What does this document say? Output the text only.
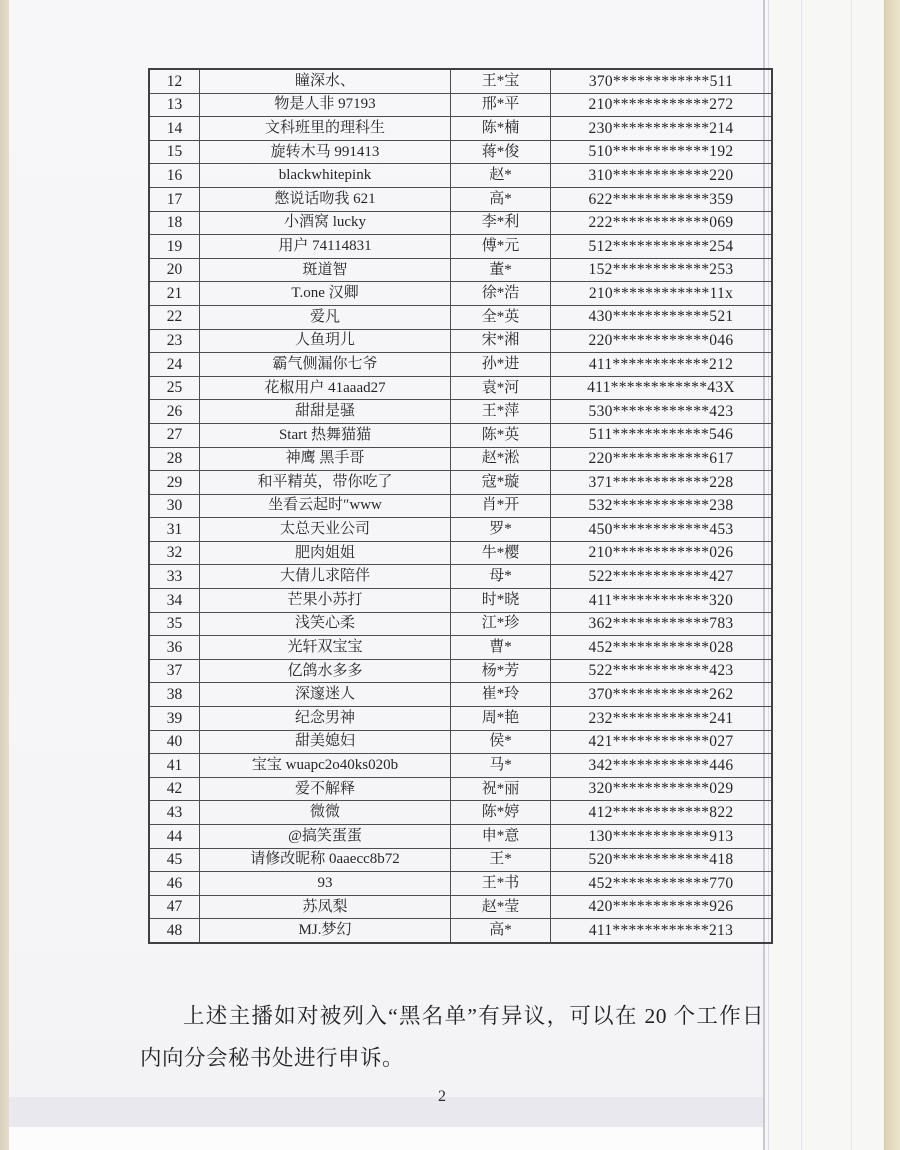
12	瞳深水、	王*宝	370************511
13	物是人非 97193	邢*平	210************272
14	文科班里的理科生	陈*楠	230************214
15	旋转木马 991413	蒋*俊	510************192
16	blackwhitepink	赵*	310************220
17	憋说话吻我 621	高*	622************359
18	小酒窝 lucky	李*利	222************069
19	用户 74114831	傅*元	512************254
20	斑道智	董*	152************253
21	T.one 汉卿	徐*浩	210************11x
22	爱凡	全*英	430************521
23	人鱼玥儿	宋*湘	220************046
24	霸气侧漏你七爷	孙*进	411************212
25	花椒用户 41aaad27	袁*河	411************43X
26	甜甜是骚	王*萍	530************423
27	Start 热舞猫猫	陈*英	511************546
28	神鹰 黑手哥	赵*淞	220************617
29	和平精英，带你吃了	寇*璇	371************228
30	坐看云起时″www	肖*开	532************238
31	太总天业公司	罗*	450************453
32	肥肉姐姐	牛*樱	210************026
33	大倩儿求陪伴	母*	522************427
34	芒果小苏打	时*晓	411************320
35	浅笑心柔	江*珍	362************783
36	光轩双宝宝	曹*	452************028
37	亿鸽水多多	杨*芳	522************423
38	深邃迷人	崔*玲	370************262
39	纪念男神	周*艳	232************241
40	甜美媳妇	侯*	421************027
41	宝宝 wuapc2o40ks020b	马*	342************446
42	爱不解释	祝*丽	320************029
43	微微	陈*婷	412************822
44	@搞笑蛋蛋	申*意	130************913
45	请修改昵称 0aaecc8b72	王*	520************418
46	93	王*书	452************770
47	苏凤梨	赵*莹	420************926
48	MJ.梦幻	高*	411************213
上述主播如对被列入“黑名单”有异议，可以在 20 个工作日内向分会秘书处进行申诉。
2
